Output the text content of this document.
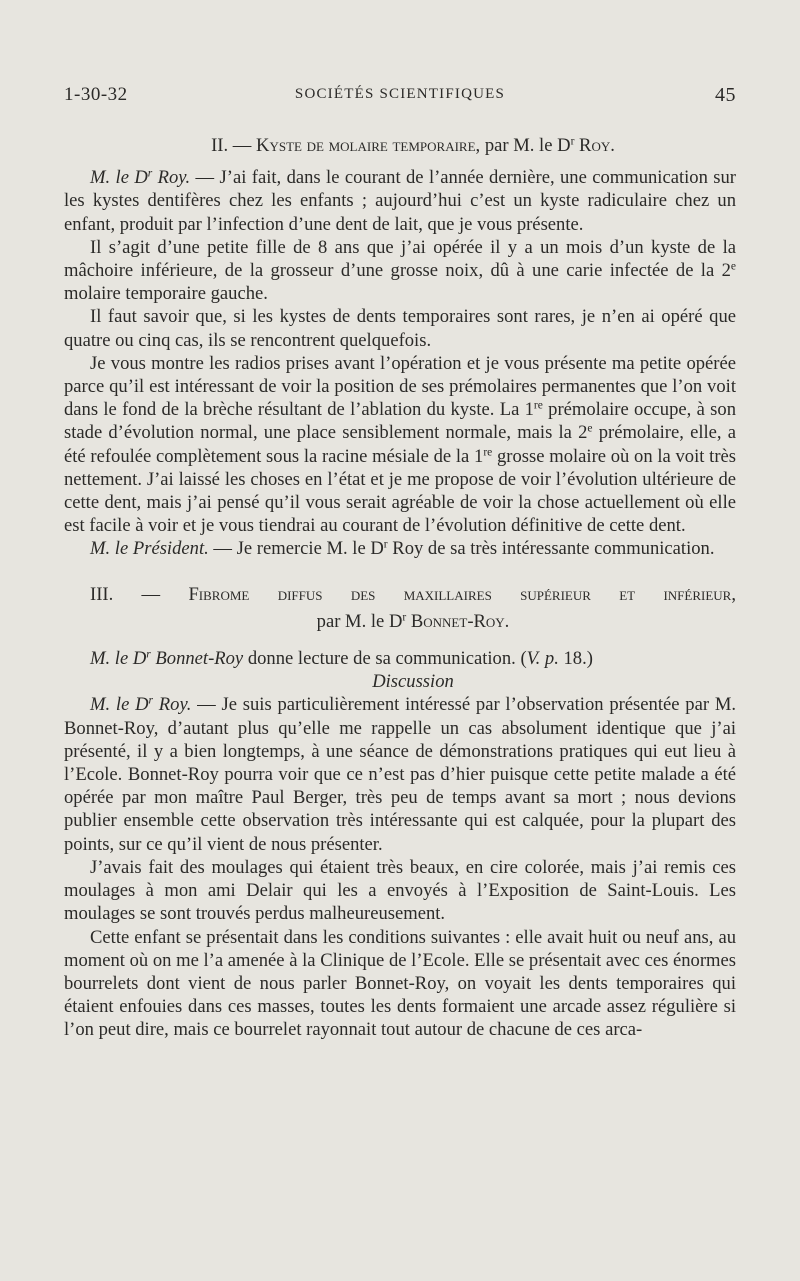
1-30-32	SOCIÉTÉS SCIENTIFIQUES	45

II. — Kyste de molaire temporaire, par M. le $D^r$ Roy.

M. le $D^r$ Roy. — J’ai fait, dans le courant de l’année dernière, une communication sur les kystes dentifères chez les enfants ; aujourd’hui c’est un kyste radiculaire chez un enfant, produit par l’infection d’une dent de lait, que je vous présente.

Il s’agit d’une petite fille de 8 ans que j’ai opérée il y a un mois d’un kyste de la mâchoire inférieure, de la grosseur d’une grosse noix, dû à une carie infectée de la 2e molaire temporaire gauche.

Il faut savoir que, si les kystes de dents temporaires sont rares, je n’en ai opéré que quatre ou cinq cas, ils se rencontrent quelquefois.

Je vous montre les radios prises avant l’opération et je vous présente ma petite opérée parce qu’il est intéressant de voir la position de ses prémolaires permanentes que l’on voit dans le fond de la brèche résultant de l’ablation du kyste. La 1re prémolaire occupe, à son stade d’évolution normal, une place sensiblement normale, mais la 2e prémolaire, elle, a été refoulée complètement sous la racine mésiale de la 1re grosse molaire où on la voit très nettement. J’ai laissé les choses en l’état et je me propose de voir l’évolution ultérieure de cette dent, mais j’ai pensé qu’il vous serait agréable de voir la chose actuellement où elle est facile à voir et je vous tiendrai au courant de l’évolution définitive de cette dent.

M. le Président. — Je remercie M. le $D^r$ Roy de sa très intéressante communication.

III. — Fibrome diffus des maxillaires supérieur et inférieur,

par M. le $D^r$ Bonnet-Roy.

M. le $D^r$ Bonnet-Roy donne lecture de sa communication. (V. p. 18.)

Discussion

M. le $D^r$ Roy. — Je suis particulièrement intéressé par l’observation présentée par M. Bonnet-Roy, d’autant plus qu’elle me rappelle un cas absolument identique que j’ai présenté, il y a bien longtemps, à une séance de démonstrations pratiques qui eut lieu à l’Ecole. Bonnet-Roy pourra voir que ce n’est pas d’hier puisque cette petite malade a été opérée par mon maître Paul Berger, très peu de temps avant sa mort ; nous devions publier ensemble cette observation très intéressante qui est calquée, pour la plupart des points, sur ce qu’il vient de nous présenter.

J’avais fait des moulages qui étaient très beaux, en cire colorée, mais j’ai remis ces moulages à mon ami Delair qui les a envoyés à l’Exposition de Saint-Louis. Les moulages se sont trouvés perdus malheureusement.

Cette enfant se présentait dans les conditions suivantes : elle avait huit ou neuf ans, au moment où on me l’a amenée à la Clinique de l’Ecole. Elle se présentait avec ces énormes bourrelets dont vient de nous parler Bonnet-Roy, on voyait les dents temporaires qui étaient enfouies dans ces masses, toutes les dents formaient une arcade assez régulière si l’on peut dire, mais ce bourrelet rayonnait tout autour de chacune de ces arca-
